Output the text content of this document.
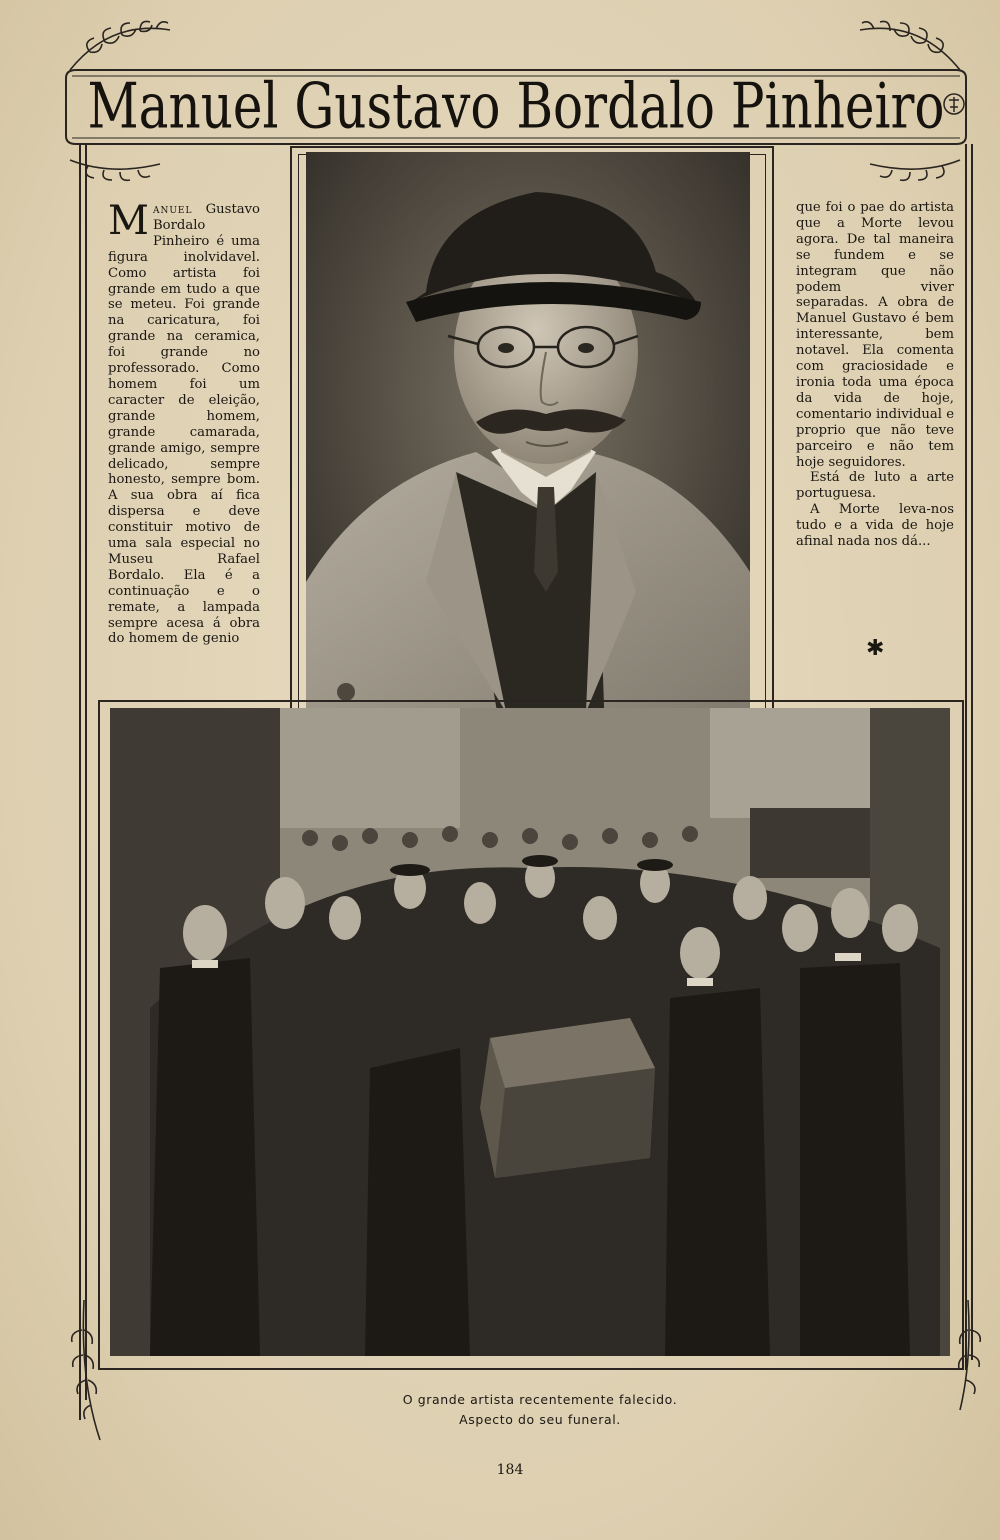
Manuel Gustavo Bordalo Pinheiro

Manuel Gustavo Bordalo Pinheiro é uma figura inolvidavel. Como artista foi grande em tudo a que se meteu. Foi grande na caricatura, foi grande na ceramica, foi grande no professorado. Como homem foi um caracter de eleição, grande homem, grande camarada, grande amigo, sempre delicado, sempre honesto, sempre bom. A sua obra aí fica dispersa e deve constituir motivo de uma sala especial no Museu Rafael Bordalo. Ela é a continuação e o remate, a lampada sempre acesa á obra do homem de genio

que foi o pae do artista que a Morte levou agora. De tal maneira se fundem e se integram que não podem viver separadas. A obra de Manuel Gustavo é bem interessante, bem notavel. Ela comenta com graciosidade e ironia toda uma época da vida de hoje, comentario individual e proprio que não teve parceiro e não tem hoje seguidores.

Está de luto a arte portuguesa.

A Morte leva-nos tudo e a vida de hoje afinal nada nos dá...

✱
O grande artista recentemente falecido.
Aspecto do seu funeral.
184
